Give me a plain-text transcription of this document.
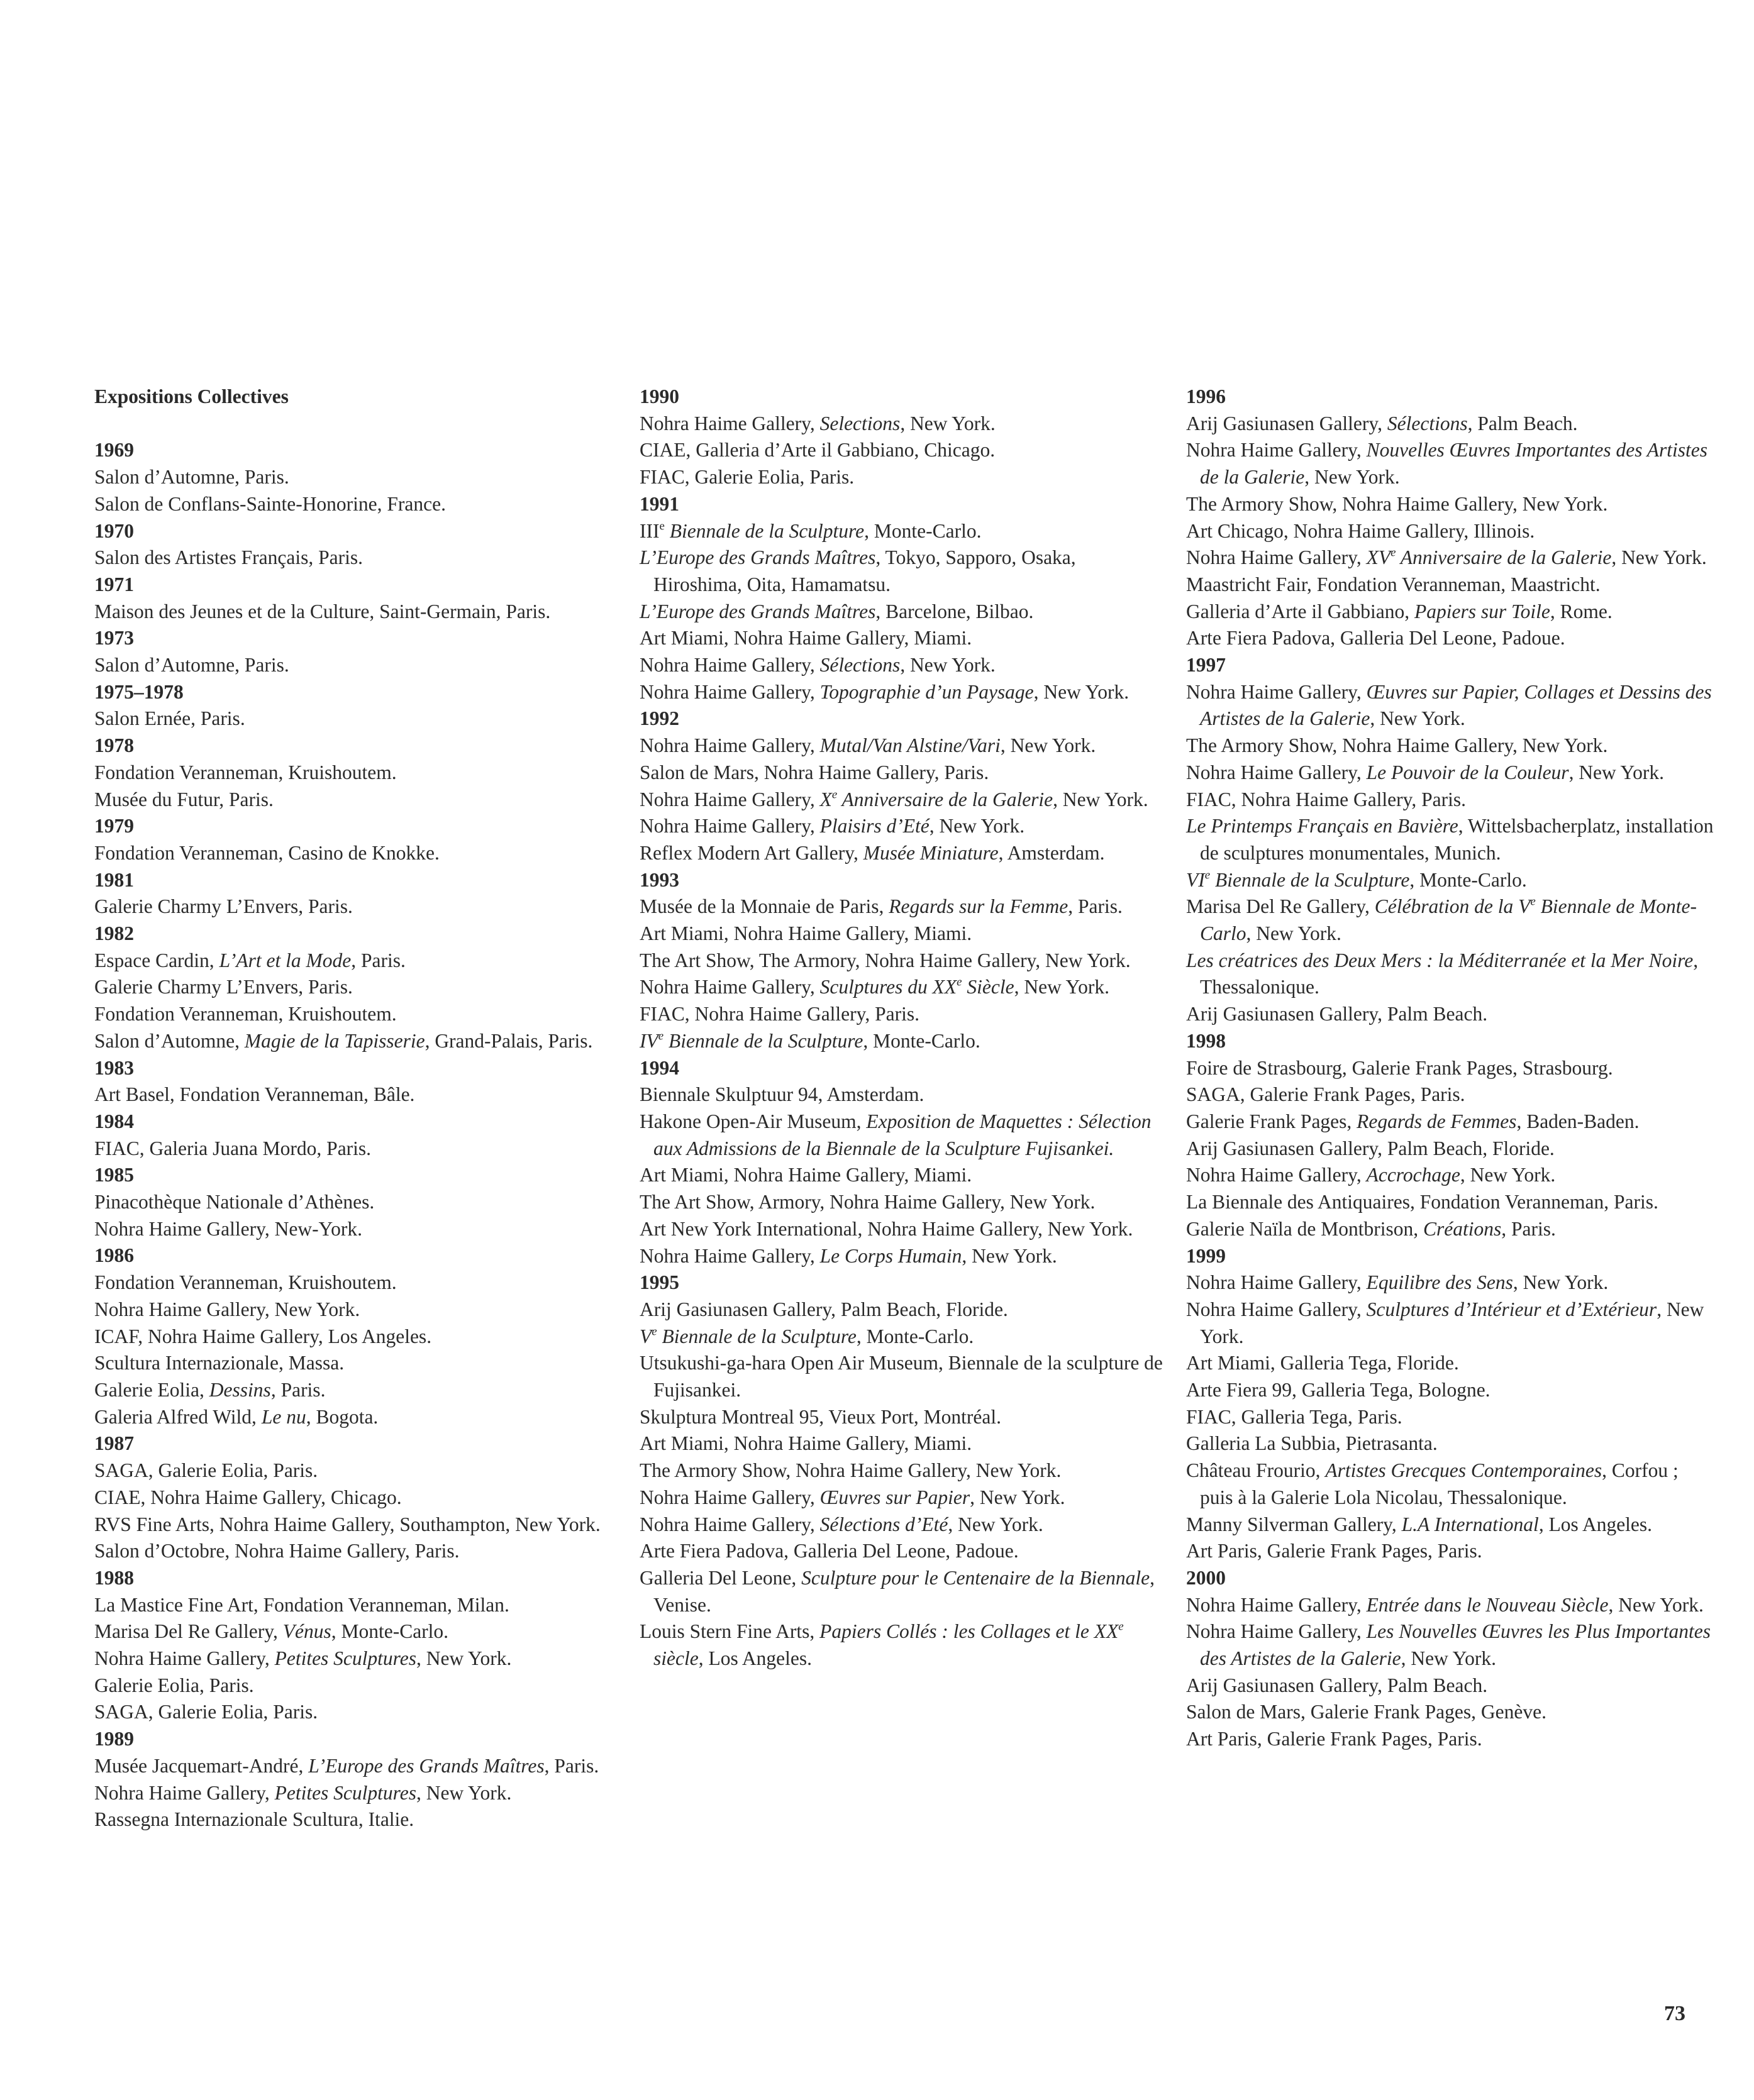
Expositions Collectives
1969
Salon d’Automne, Paris.
Salon de Conflans-Sainte-Honorine, France.
1970
Salon des Artistes Français, Paris.
1971
Maison des Jeunes et de la Culture, Saint-Germain, Paris.
1973
Salon d’Automne, Paris.
1975–1978
Salon Ernée, Paris.
1978
Fondation Veranneman, Kruishoutem.
Musée du Futur, Paris.
1979
Fondation Veranneman, Casino de Knokke.
1981
Galerie Charmy L’Envers, Paris.
1982
Espace Cardin, L’Art et la Mode, Paris.
Galerie Charmy L’Envers, Paris.
Fondation Veranneman, Kruishoutem.
Salon d’Automne, Magie de la Tapisserie, Grand-Palais, Paris.
1983
Art Basel, Fondation Veranneman, Bâle.
1984
FIAC, Galeria Juana Mordo, Paris.
1985
Pinacothèque Nationale d’Athènes.
Nohra Haime Gallery, New-York.
1986
Fondation Veranneman, Kruishoutem.
Nohra Haime Gallery, New York.
ICAF, Nohra Haime Gallery, Los Angeles.
Scultura Internazionale, Massa.
Galerie Eolia, Dessins, Paris.
Galeria Alfred Wild, Le nu, Bogota.
1987
SAGA, Galerie Eolia, Paris.
CIAE, Nohra Haime Gallery, Chicago.
RVS Fine Arts, Nohra Haime Gallery, Southampton, New York.
Salon d’Octobre, Nohra Haime Gallery, Paris.
1988
La Mastice Fine Art, Fondation Veranneman, Milan.
Marisa Del Re Gallery, Vénus, Monte-Carlo.
Nohra Haime Gallery, Petites Sculptures, New York.
Galerie Eolia, Paris.
SAGA, Galerie Eolia, Paris.
1989
Musée Jacquemart-André, L’Europe des Grands Maîtres, Paris.
Nohra Haime Gallery, Petites Sculptures, New York.
Rassegna Internazionale Scultura, Italie.
1990
Nohra Haime Gallery, Selections, New York.
CIAE, Galleria d’Arte il Gabbiano, Chicago.
FIAC, Galerie Eolia, Paris.
1991
IIIe Biennale de la Sculpture, Monte-Carlo.
L’Europe des Grands Maîtres, Tokyo, Sapporo, Osaka, Hiroshima, Oita, Hamamatsu.
L’Europe des Grands Maîtres, Barcelone, Bilbao.
Art Miami, Nohra Haime Gallery, Miami.
Nohra Haime Gallery, Sélections, New York.
Nohra Haime Gallery, Topographie d’un Paysage, New York.
1992
Nohra Haime Gallery, Mutal/Van Alstine/Vari, New York.
Salon de Mars, Nohra Haime Gallery, Paris.
Nohra Haime Gallery, Xe Anniversaire de la Galerie, New York.
Nohra Haime Gallery, Plaisirs d’Eté, New York.
Reflex Modern Art Gallery, Musée Miniature, Amsterdam.
1993
Musée de la Monnaie de Paris, Regards sur la Femme, Paris.
Art Miami, Nohra Haime Gallery, Miami.
The Art Show, The Armory, Nohra Haime Gallery, New York.
Nohra Haime Gallery, Sculptures du XXe Siècle, New York.
FIAC, Nohra Haime Gallery, Paris.
IVe Biennale de la Sculpture, Monte-Carlo.
1994
Biennale Skulptuur 94, Amsterdam.
Hakone Open-Air Museum, Exposition de Maquettes : Sélection aux Admissions de la Biennale de la Sculpture Fujisankei.
Art Miami, Nohra Haime Gallery, Miami.
The Art Show, Armory, Nohra Haime Gallery, New York.
Art New York International, Nohra Haime Gallery, New York.
Nohra Haime Gallery, Le Corps Humain, New York.
1995
Arij Gasiunasen Gallery, Palm Beach, Floride.
Ve Biennale de la Sculpture, Monte-Carlo.
Utsukushi-ga-hara Open Air Museum, Biennale de la sculpture de Fujisankei.
Skulptura Montreal 95, Vieux Port, Montréal.
Art Miami, Nohra Haime Gallery, Miami.
The Armory Show, Nohra Haime Gallery, New York.
Nohra Haime Gallery, Œuvres sur Papier, New York.
Nohra Haime Gallery, Sélections d’Eté, New York.
Arte Fiera Padova, Galleria Del Leone, Padoue.
Galleria Del Leone, Sculpture pour le Centenaire de la Biennale, Venise.
Louis Stern Fine Arts, Papiers Collés : les Collages et le XXe siècle, Los Angeles.
1996
Arij Gasiunasen Gallery, Sélections, Palm Beach.
Nohra Haime Gallery, Nouvelles Œuvres Importantes des Artistes de la Galerie, New York.
The Armory Show, Nohra Haime Gallery, New York.
Art Chicago, Nohra Haime Gallery, Illinois.
Nohra Haime Gallery, XVe Anniversaire de la Galerie, New York.
Maastricht Fair, Fondation Veranneman, Maastricht.
Galleria d’Arte il Gabbiano, Papiers sur Toile, Rome.
Arte Fiera Padova, Galleria Del Leone, Padoue.
1997
Nohra Haime Gallery, Œuvres sur Papier, Collages et Dessins des Artistes de la Galerie, New York.
The Armory Show, Nohra Haime Gallery, New York.
Nohra Haime Gallery, Le Pouvoir de la Couleur, New York.
FIAC, Nohra Haime Gallery, Paris.
Le Printemps Français en Bavière, Wittelsbacherplatz, installation de sculptures monumentales, Munich.
VIe Biennale de la Sculpture, Monte-Carlo.
Marisa Del Re Gallery, Célébration de la Ve Biennale de Monte-Carlo, New York.
Les créatrices des Deux Mers : la Méditerranée et la Mer Noire, Thessalonique.
Arij Gasiunasen Gallery, Palm Beach.
1998
Foire de Strasbourg, Galerie Frank Pages, Strasbourg.
SAGA, Galerie Frank Pages, Paris.
Galerie Frank Pages, Regards de Femmes, Baden-Baden.
Arij Gasiunasen Gallery, Palm Beach, Floride.
Nohra Haime Gallery, Accrochage, New York.
La Biennale des Antiquaires, Fondation Veranneman, Paris.
Galerie Naïla de Montbrison, Créations, Paris.
1999
Nohra Haime Gallery, Equilibre des Sens, New York.
Nohra Haime Gallery, Sculptures d’Intérieur et d’Extérieur, New York.
Art Miami, Galleria Tega, Floride.
Arte Fiera 99, Galleria Tega, Bologne.
FIAC, Galleria Tega, Paris.
Galleria La Subbia, Pietrasanta.
Château Frourio, Artistes Grecques Contemporaines, Corfou ; puis à la Galerie Lola Nicolau, Thessalonique.
Manny Silverman Gallery, L.A International, Los Angeles.
Art Paris, Galerie Frank Pages, Paris.
2000
Nohra Haime Gallery, Entrée dans le Nouveau Siècle, New York.
Nohra Haime Gallery, Les Nouvelles Œuvres les Plus Importantes des Artistes de la Galerie, New York.
Arij Gasiunasen Gallery, Palm Beach.
Salon de Mars, Galerie Frank Pages, Genève.
Art Paris, Galerie Frank Pages, Paris.
73
